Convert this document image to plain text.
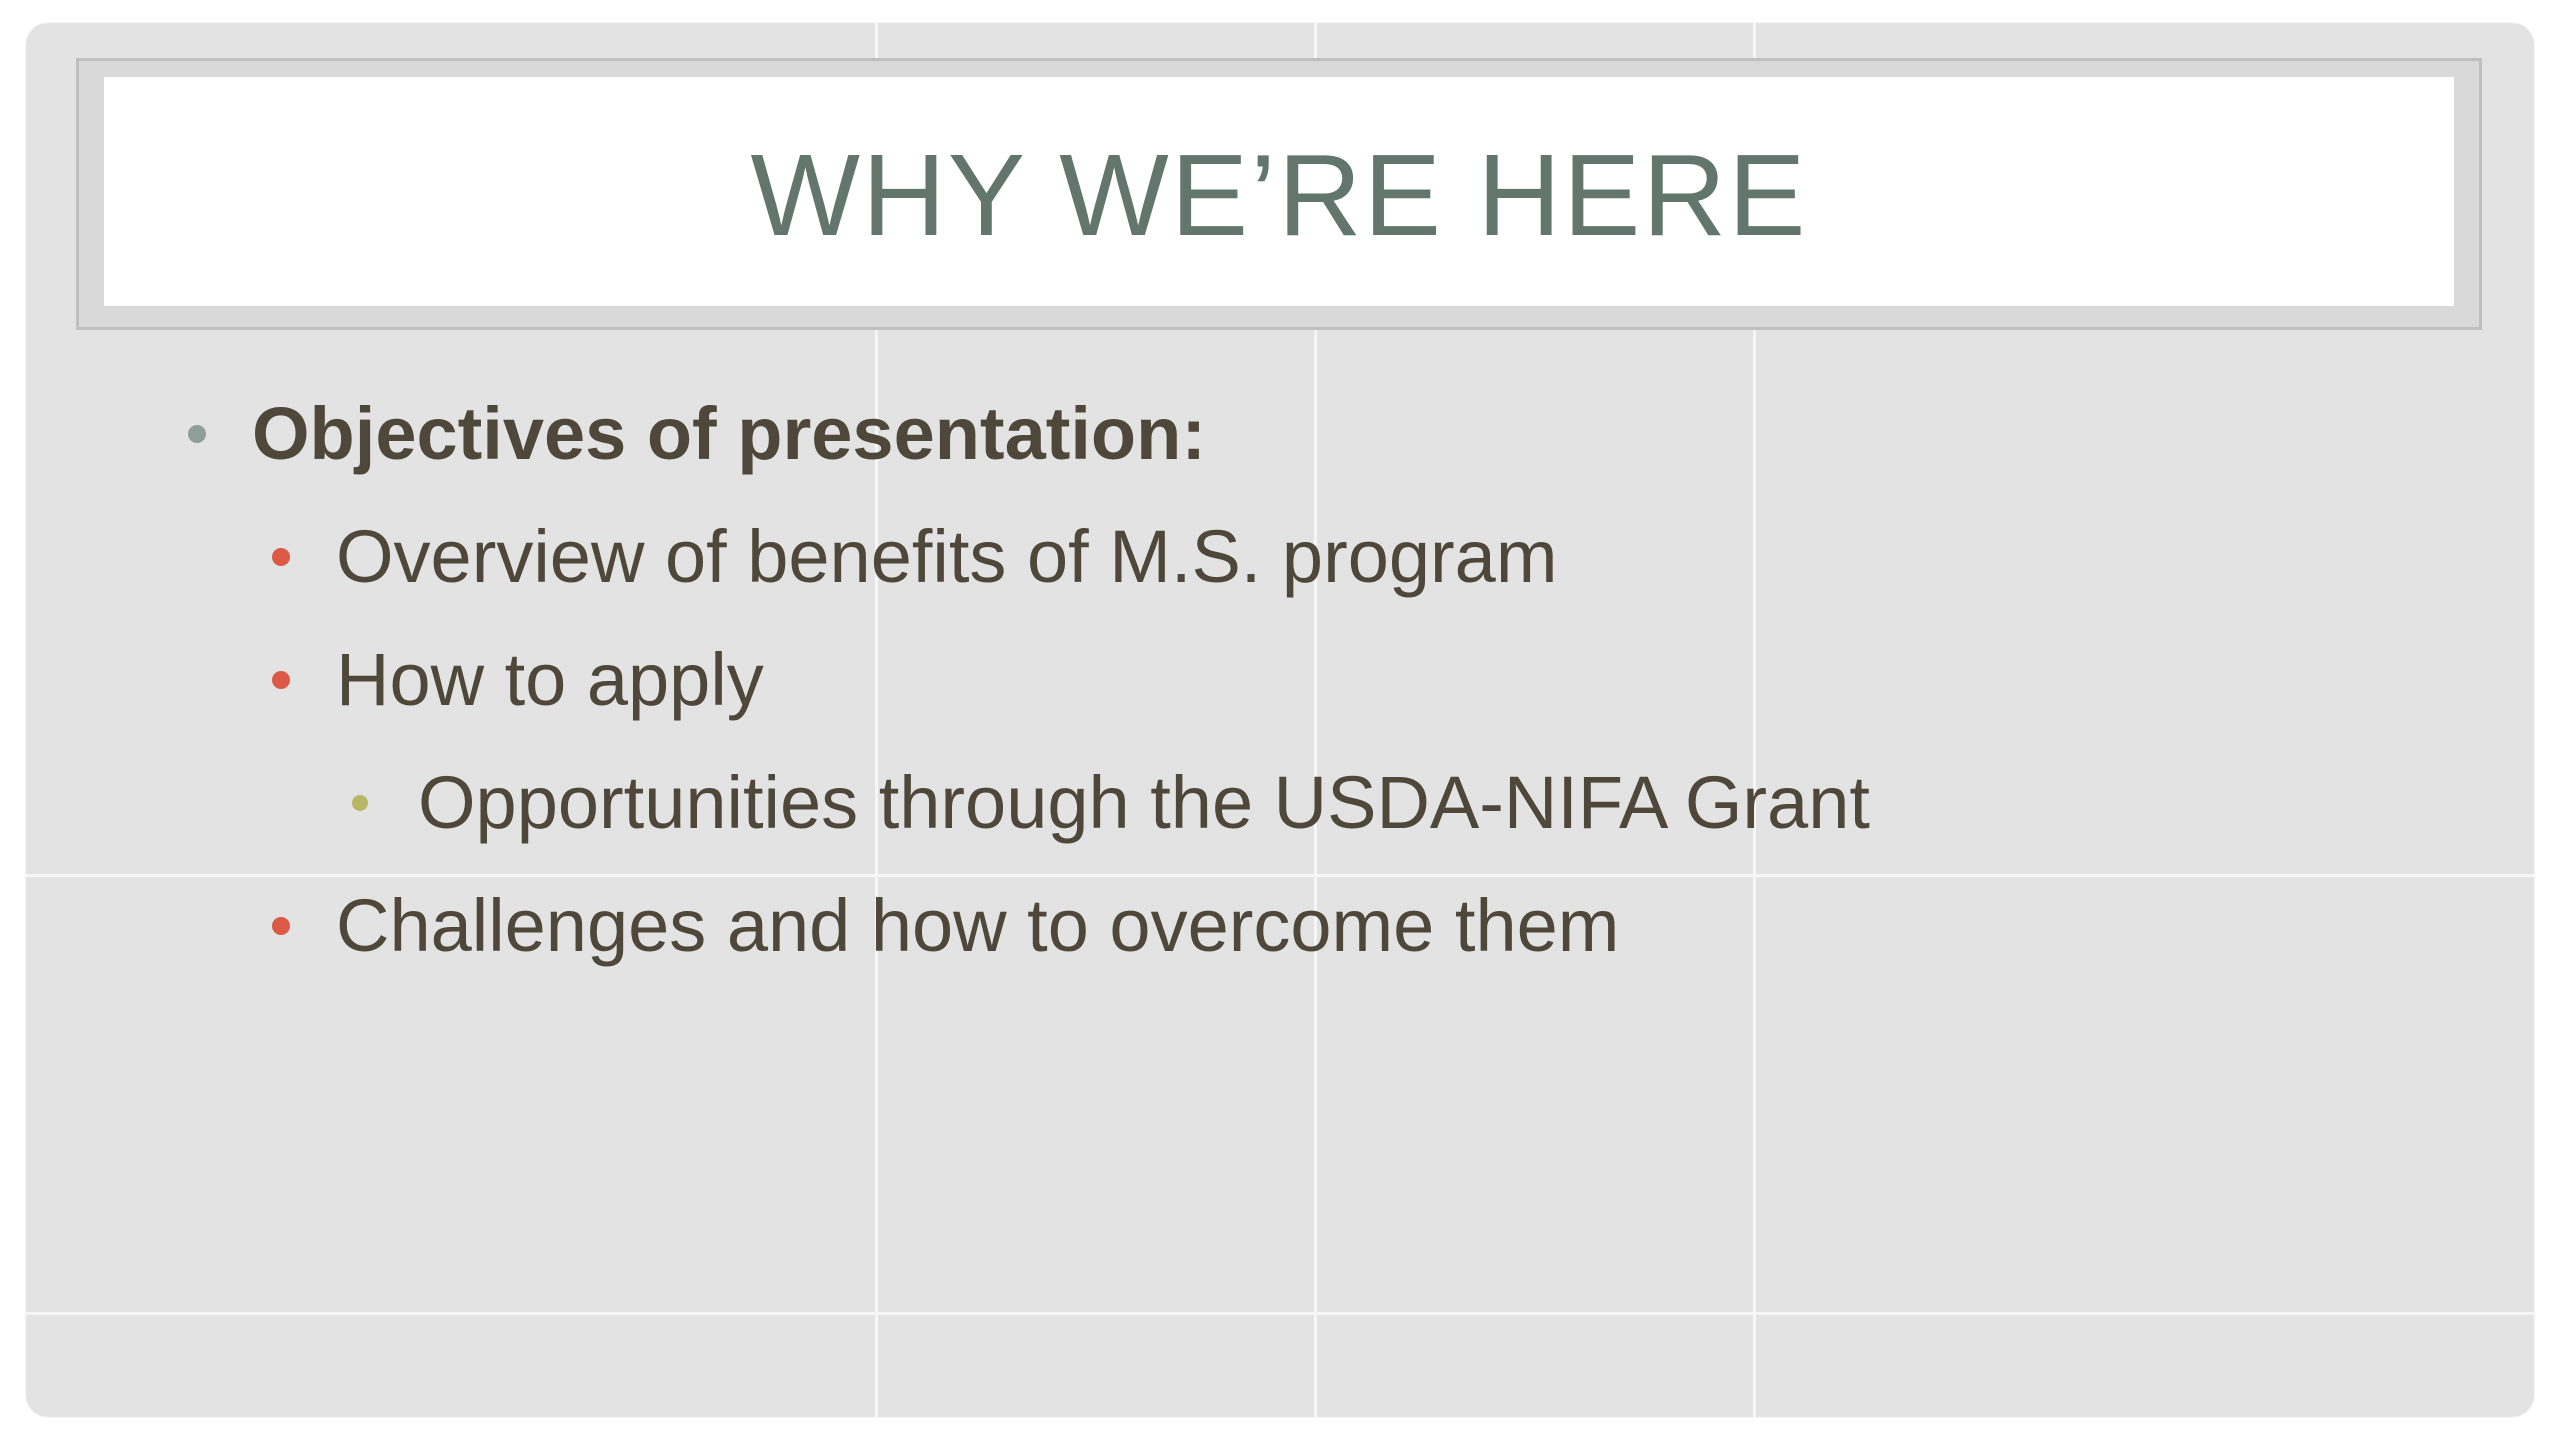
WHY WE’RE HERE
Objectives of presentation:
Overview of benefits of M.S. program
How to apply
Opportunities through the USDA-NIFA Grant
Challenges and how to overcome them
